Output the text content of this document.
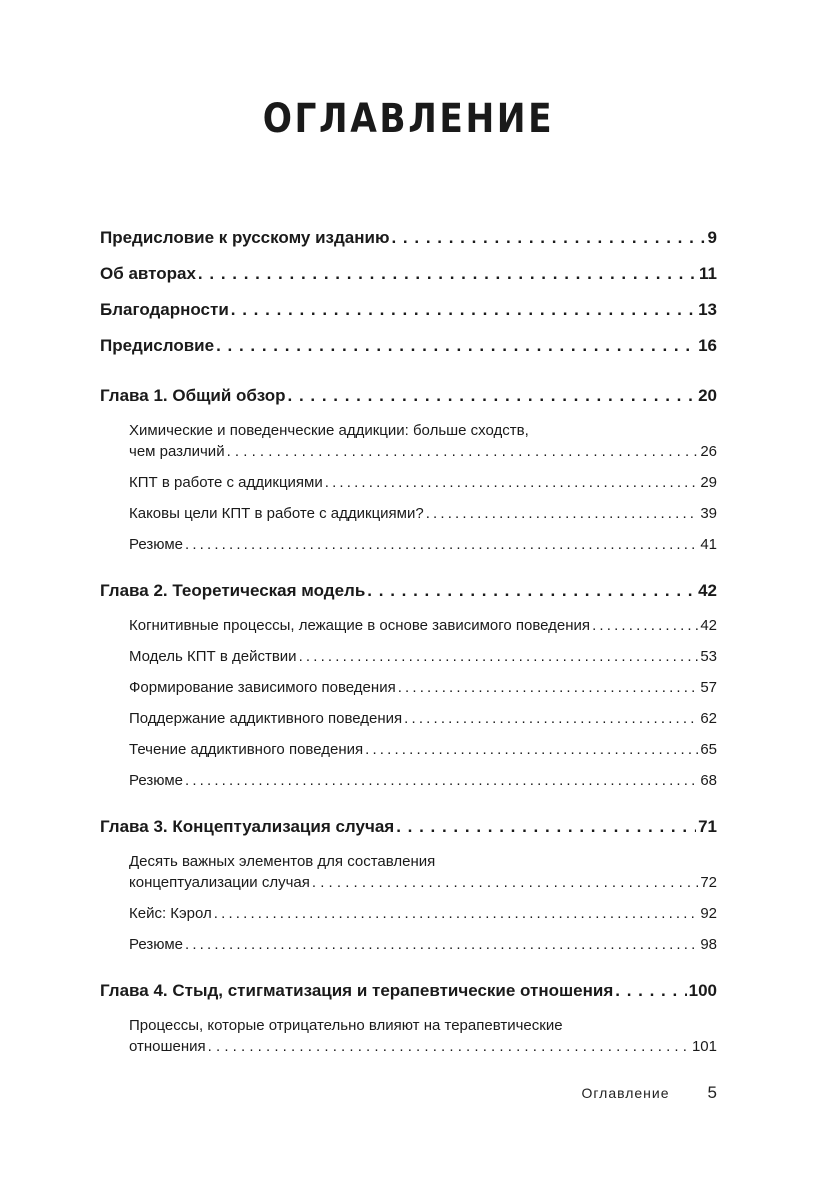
ОГЛАВЛЕНИЕ
Предисловие к русскому изданию . . .	9
Об авторах . . .	11
Благодарности . . .	13
Предисловие . . .	16
Глава 1. Общий обзор . . .	20
Химические и поведенческие аддикции: больше сходств,
чем различий . . .	26
КПТ в работе с аддикциями . . .	29
Каковы цели КПТ в работе с аддикциями? . . .	39
Резюме . . .	41
Глава 2. Теоретическая модель . . .	42
Когнитивные процессы, лежащие в основе зависимого поведения . . .	42
Модель КПТ в действии . . .	53
Формирование зависимого поведения . . .	57
Поддержание аддиктивного поведения . . .	62
Течение аддиктивного поведения . . .	65
Резюме . . .	68
Глава 3. Концептуализация случая . . .	71
Десять важных элементов для составления
концептуализации случая . . .	72
Кейс: Кэрол . . .	92
Резюме . . .	98
Глава 4. Стыд, стигматизация и терапевтические отношения . . .	100
Процессы, которые отрицательно влияют на терапевтические
отношения . . .	101
Оглавление 5
